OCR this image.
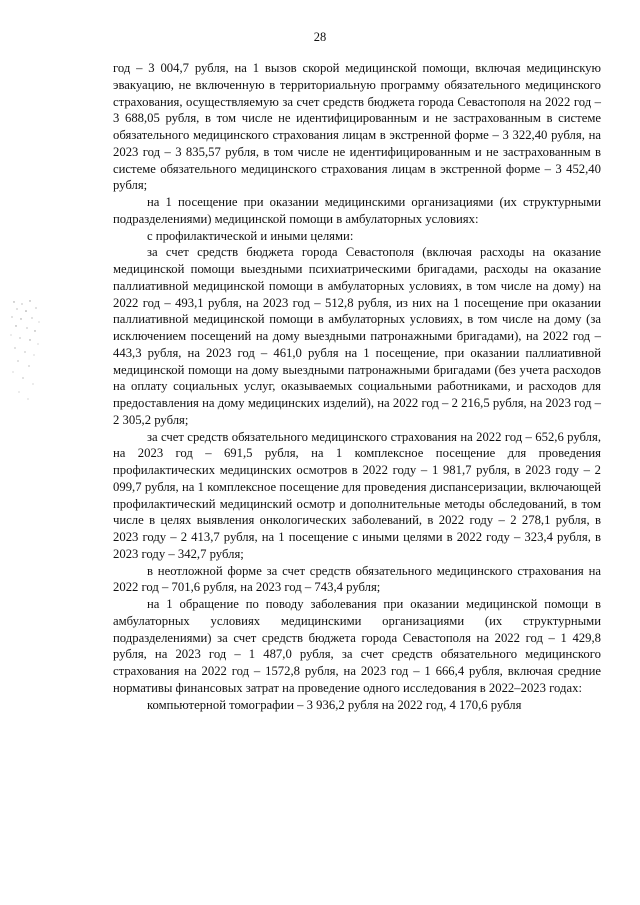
28

год – 3 004,7 рубля, на 1 вызов скорой медицинской помощи, включая медицинскую эвакуацию, не включенную в территориальную программу обязательного медицинского страхования, осуществляемую за счет средств бюджета города Севастополя на 2022 год – 3 688,05 рубля, в том числе не идентифицированным и не застрахованным в системе обязательного медицинского страхования лицам в экстренной форме – 3 322,40 рубля, на 2023 год – 3 835,57 рубля, в том числе не идентифицированным и не застрахованным в системе обязательного медицинского страхования лицам в экстренной форме – 3 452,40 рубля;

на 1 посещение при оказании медицинскими организациями (их структурными подразделениями) медицинской помощи в амбулаторных условиях:

с профилактической и иными целями:

за счет средств бюджета города Севастополя (включая расходы на оказание медицинской помощи выездными психиатрическими бригадами, расходы на оказание паллиативной медицинской помощи в амбулаторных условиях, в том числе на дому) на 2022 год – 493,1 рубля, на 2023 год – 512,8 рубля, из них на 1 посещение при оказании паллиативной медицинской помощи в амбулаторных условиях, в том числе на дому (за исключением посещений на дому выездными патронажными бригадами), на 2022 год – 443,3 рубля, на 2023 год – 461,0 рубля на 1 посещение, при оказании паллиативной медицинской помощи на дому выездными патронажными бригадами (без учета расходов на оплату социальных услуг, оказываемых социальными работниками, и расходов для предоставления на дому медицинских изделий), на 2022 год – 2 216,5 рубля, на 2023 год – 2 305,2 рубля;

за счет средств обязательного медицинского страхования на 2022 год – 652,6 рубля, на 2023 год – 691,5 рубля, на 1 комплексное посещение для проведения профилактических медицинских осмотров в 2022 году – 1 981,7 рубля, в 2023 году – 2 099,7 рубля, на 1 комплексное посещение для проведения диспансеризации, включающей профилактический медицинский осмотр и дополнительные методы обследований, в том числе в целях выявления онкологических заболеваний, в 2022 году – 2 278,1 рубля, в 2023 году – 2 413,7 рубля, на 1 посещение с иными целями в 2022 году – 323,4 рубля, в 2023 году – 342,7 рубля;

в неотложной форме за счет средств обязательного медицинского страхования на 2022 год – 701,6 рубля, на 2023 год – 743,4 рубля;

на 1 обращение по поводу заболевания при оказании медицинской помощи в амбулаторных условиях медицинскими организациями (их структурными подразделениями) за счет средств бюджета города Севастополя на 2022 год – 1 429,8 рубля, на 2023 год – 1 487,0 рубля, за счет средств обязательного медицинского страхования на 2022 год – 1572,8 рубля, на 2023 год – 1 666,4 рубля, включая средние нормативы финансовых затрат на проведение одного исследования в 2022–2023 годах:

компьютерной томографии – 3 936,2 рубля на 2022 год, 4 170,6 рубля
